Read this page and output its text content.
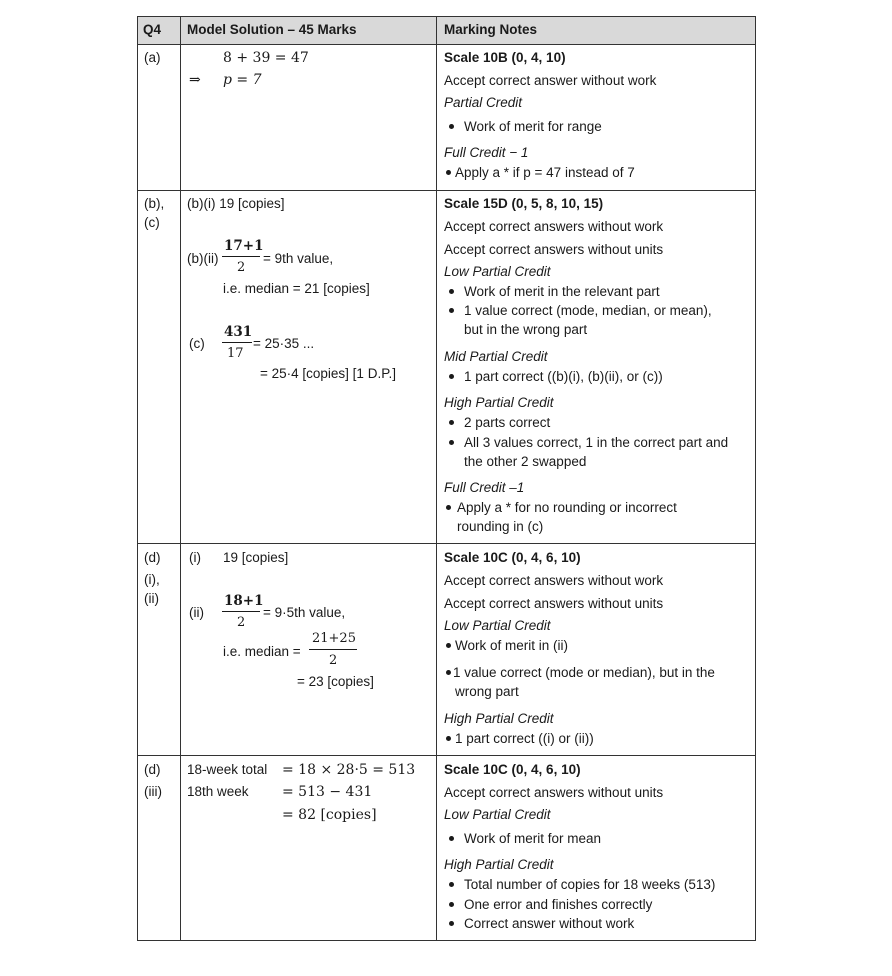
Q4 Model Solution – 45 Marks	Marking Notes
(a)	8 + 39 = 47
⇒ p = 7
Scale 10B (0, 4, 10)
Accept correct answer without work
Partial Credit
Work of merit for range
Full Credit − 1
Apply a * if p = 47 instead of 7
(b),
(c)
(b)(i) 19 [copies]
(b)(ii)
17+1
2
= 9th value,
i.e. median = 21 [copies]
(c)
431
17
= 25·35 ...
= 25·4 [copies] [1 D.P.]
Scale 15D (0, 5, 8, 10, 15)
Accept correct answers without work
Accept correct answers without units
Low Partial Credit
Work of merit in the relevant part
1 value correct (mode, median, or mean),
but in the wrong part
Mid Partial Credit
1 part correct ((b)(i), (b)(ii), or (c))
High Partial Credit
2 parts correct
All 3 values correct, 1 in the correct part and
the other 2 swapped
Full Credit –1
Apply a * for no rounding or incorrect
rounding in (c)
(d)
(i),
(ii)
(i) 19 [copies]
(ii)
18+1
2
= 9·5th value,
i.e. median =
21+25
2
= 23 [copies]
Scale 10C (0, 4, 6, 10)
Accept correct answers without work
Accept correct answers without units
Low Partial Credit
Work of merit in (ii)
1 value correct (mode or median), but in the
wrong part
High Partial Credit
1 part correct ((i) or (ii))
(d)
(iii)
18-week total = 18 × 28·5 = 513
18th week = 513 − 431
= 82 [copies]
Scale 10C (0, 4, 6, 10)
Accept correct answers without units
Low Partial Credit
Work of merit for mean
High Partial Credit
Total number of copies for 18 weeks (513)
One error and finishes correctly
Correct answer without work
